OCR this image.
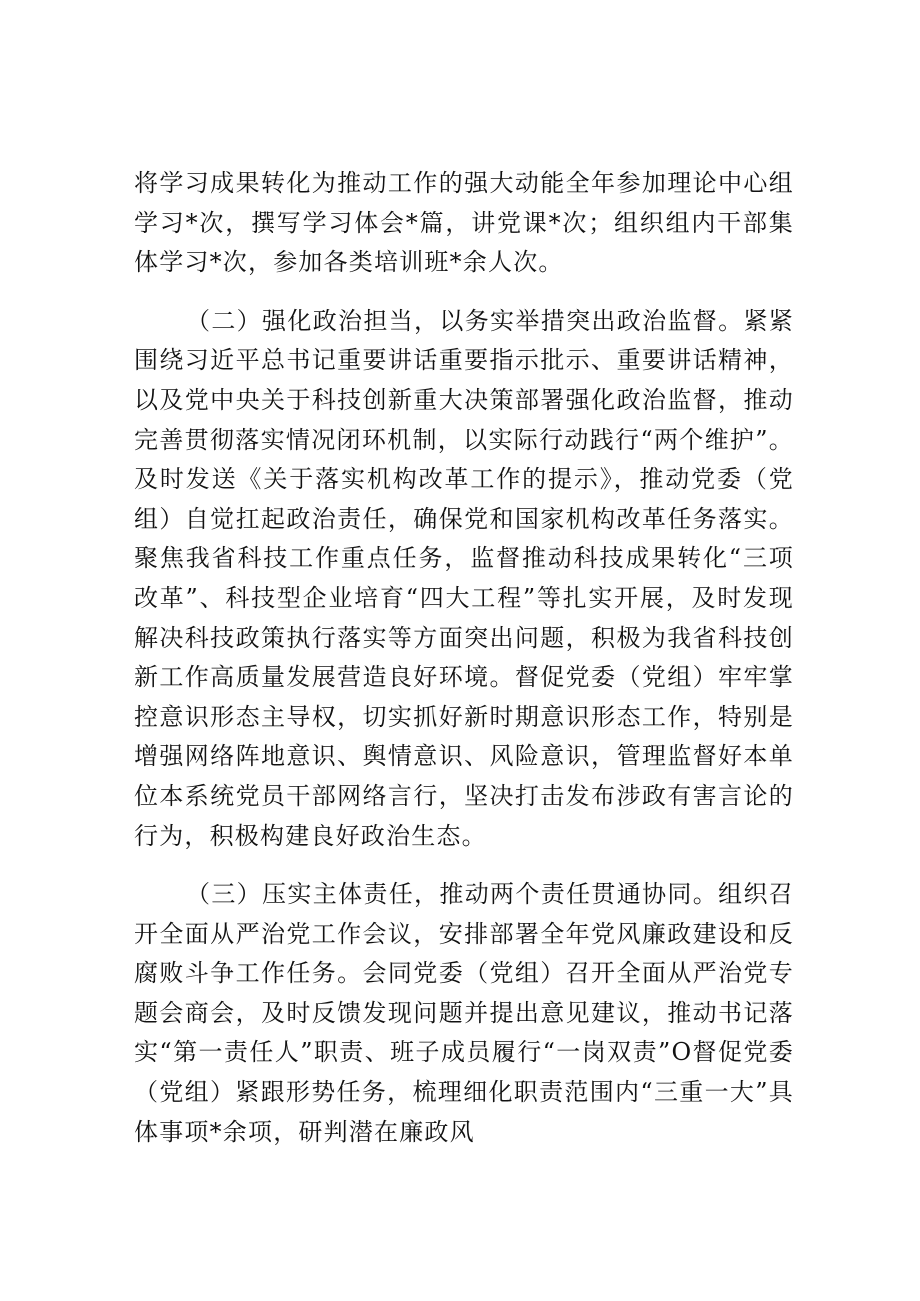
将学习成果转化为推动工作的强大动能全年参加理论中心组学习*次，撰写学习体会*篇，讲党课*次；组织组内干部集体学习*次，参加各类培训班*余人次。

（二）强化政治担当，以务实举措突出政治监督。紧紧围绕习近平总书记重要讲话重要指示批示、重要讲话精神，以及党中央关于科技创新重大决策部署强化政治监督，推动完善贯彻落实情况闭环机制，以实际行动践行“两个维护”。及时发送《关于落实机构改革工作的提示》，推动党委（党组）自觉扛起政治责任，确保党和国家机构改革任务落实。聚焦我省科技工作重点任务，监督推动科技成果转化“三项改革”、科技型企业培育“四大工程”等扎实开展，及时发现解决科技政策执行落实等方面突出问题，积极为我省科技创新工作高质量发展营造良好环境。督促党委（党组）牢牢掌控意识形态主导权，切实抓好新时期意识形态工作，特别是增强网络阵地意识、舆情意识、风险意识，管理监督好本单位本系统党员干部网络言行，坚决打击发布涉政有害言论的行为，积极构建良好政治生态。

（三）压实主体责任，推动两个责任贯通协同。组织召开全面从严治党工作会议，安排部署全年党风廉政建设和反腐败斗争工作任务。会同党委（党组）召开全面从严治党专题会商会，及时反馈发现问题并提出意见建议，推动书记落实“第一责任人”职责、班子成员履行“一岗双责”O督促党委（党组）紧跟形势任务，梳理细化职责范围内“三重一大”具体事项*余项，研判潜在廉政风
